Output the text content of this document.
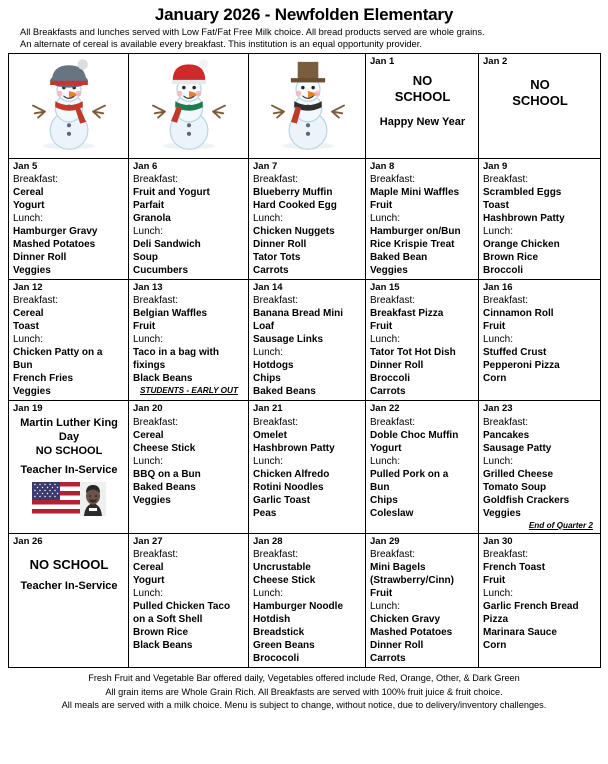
January 2026 - Newfolden Elementary
All Breakfasts and lunches served with Low Fat/Fat Free Milk choice. All bread products served are whole grains.
An alternate of cereal is available every breakfast. This institution is an equal opportunity provider.

Jan 1
NO
SCHOOL
Happy New Year

Jan 2
NO
SCHOOL

Jan 5
Breakfast:
Cereal
Yogurt
Lunch:
Hamburger Gravy
Mashed Potatoes
Dinner Roll
Veggies

Jan 6
Breakfast:
Fruit and Yogurt
Parfait
Granola
Lunch:
Deli Sandwich
Soup
Cucumbers

Jan 7
Breakfast:
Blueberry Muffin
Hard Cooked Egg
Lunch:
Chicken Nuggets
Dinner Roll
Tator Tots
Carrots

Jan 8
Breakfast:
Maple Mini Waffles
Fruit
Lunch:
Hamburger on/Bun
Rice Krispie Treat
Baked Bean
Veggies

Jan 9
Breakfast:
Scrambled Eggs
Toast
Hashbrown Patty
Lunch:
Orange Chicken
Brown Rice
Broccoli

Jan 12
Breakfast:
Cereal
Toast
Lunch:
Chicken Patty on a
Bun
French Fries
Veggies

Jan 13
Breakfast:
Belgian Waffles
Fruit
Lunch:
Taco in a bag with
fixings
Black Beans
STUDENTS - EARLY OUT

Jan 14
Breakfast:
Banana Bread Mini
Loaf
Sausage Links
Lunch:
Hotdogs
Chips
Baked Beans

Jan 15
Breakfast:
Breakfast Pizza
Fruit
Lunch:
Tator Tot Hot Dish
Dinner Roll
Broccoli
Carrots

Jan 16
Breakfast:
Cinnamon Roll
Fruit
Lunch:
Stuffed Crust
Pepperoni Pizza
Corn

Jan 19
Martin Luther King
Day
NO SCHOOL
Teacher In-Service

Jan 20
Breakfast:
Cereal
Cheese Stick
Lunch:
BBQ on a Bun
Baked Beans
Veggies

Jan 21
Breakfast:
Omelet
Hashbrown Patty
Lunch:
Chicken Alfredo
Rotini Noodles
Garlic Toast
Peas

Jan 22
Breakfast:
Doble Choc Muffin
Yogurt
Lunch:
Pulled Pork on a
Bun
Chips
Coleslaw

Jan 23
Breakfast:
Pancakes
Sausage Patty
Lunch:
Grilled Cheese
Tomato Soup
Goldfish Crackers
Veggies
End of Quarter 2

Jan 26
NO SCHOOL
Teacher In-Service

Jan 27
Breakfast:
Cereal
Yogurt
Lunch:
Pulled Chicken Taco
on a Soft Shell
Brown Rice
Black Beans

Jan 28
Breakfast:
Uncrustable
Cheese Stick
Lunch:
Hamburger Noodle
Hotdish
Breadstick
Green Beans
Brococoli

Jan 29
Breakfast:
Mini Bagels
(Strawberry/Cinn)
Fruit
Lunch:
Chicken Gravy
Mashed Potatoes
Dinner Roll
Carrots

Jan 30
Breakfast:
French Toast
Fruit
Lunch:
Garlic French Bread
Pizza
Marinara Sauce
Corn
Fresh Fruit and Vegetable Bar offered daily, Vegetables offered include Red, Orange, Other, & Dark Green
All grain items are Whole Grain Rich. All Breakfasts are served with 100% fruit juice & fruit choice.
All meals are served with a milk choice. Menu is subject to change, without notice, due to delivery/inventory challenges.
